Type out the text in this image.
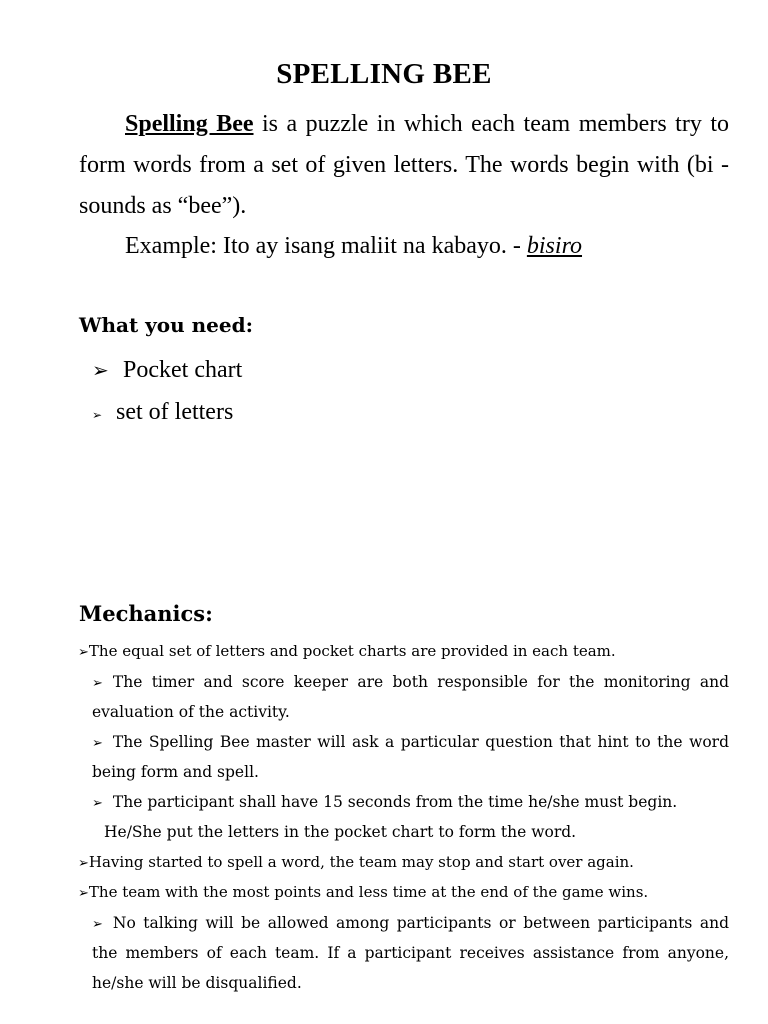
SPELLING BEE

Spelling Bee is a puzzle in which each team members try to form words from a set of given letters. The words begin with (bi - sounds as “bee”).

Example: Ito ay isang maliit na kabayo. - bisiro

What you need:
➢ Pocket chart
➢ set of letters
Mechanics:
➢The equal set of letters and pocket charts are provided in each team.
➢ The timer and score keeper are both responsible for the monitoring and evaluation of the activity.
➢ The Spelling Bee master will ask a particular question that hint to the word being form and spell.
➢ The participant shall have 15 seconds from the time he/she must begin.
He/She put the letters in the pocket chart to form the word.
➢Having started to spell a word, the team may stop and start over again.
➢The team with the most points and less time at the end of the game wins.
➢ No talking will be allowed among participants or between participants and the members of each team. If a participant receives assistance from anyone, he/she will be disqualified.
